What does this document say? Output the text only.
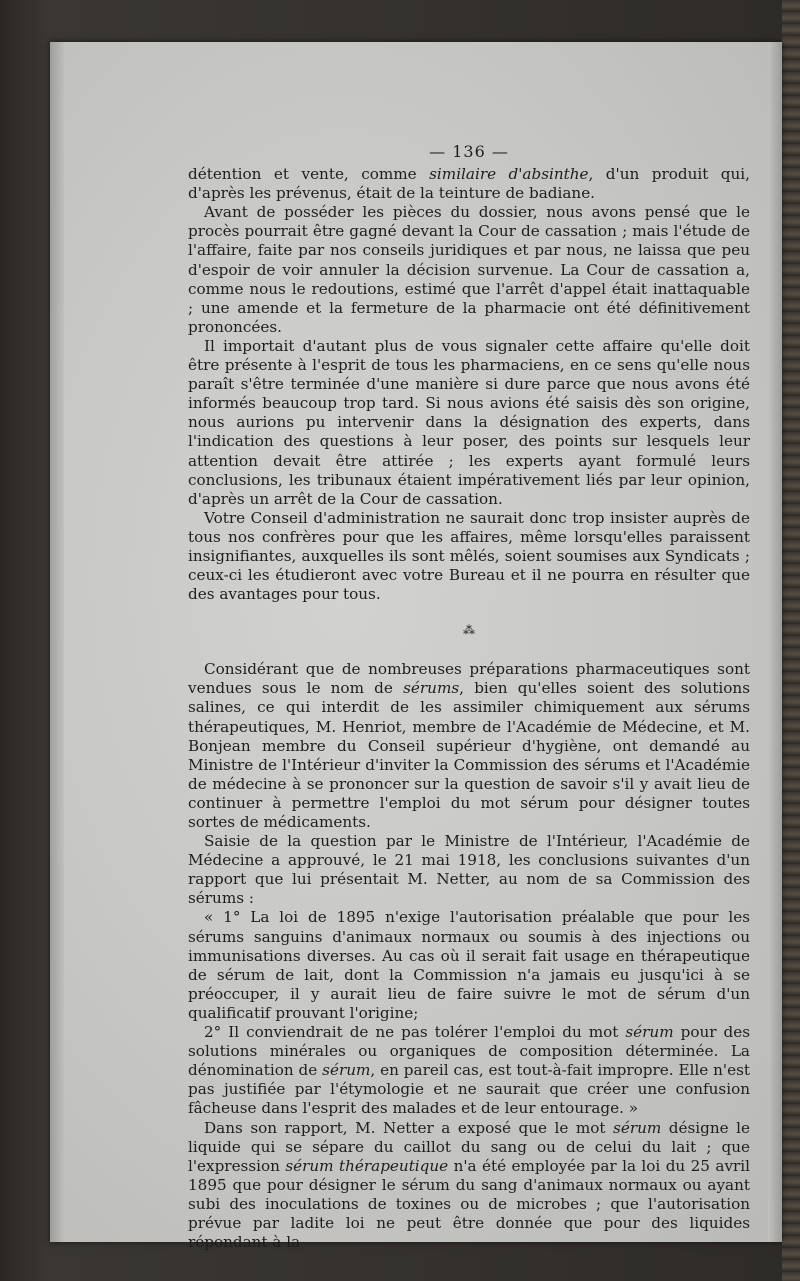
— 136 —

détention et vente, comme similaire d'absinthe, d'un produit qui, d'après les prévenus, était de la teinture de badiane.

Avant de posséder les pièces du dossier, nous avons pensé que le procès pourrait être gagné devant la Cour de cassation ; mais l'étude de l'affaire, faite par nos conseils juridiques et par nous, ne laissa que peu d'espoir de voir annuler la décision survenue. La Cour de cassation a, comme nous le redoutions, estimé que l'arrêt d'appel était inattaquable ; une amende et la fermeture de la pharmacie ont été définitivement prononcées.

Il importait d'autant plus de vous signaler cette affaire qu'elle doit être présente à l'esprit de tous les pharmaciens, en ce sens qu'elle nous paraît s'être terminée d'une manière si dure parce que nous avons été informés beaucoup trop tard. Si nous avions été saisis dès son origine, nous aurions pu intervenir dans la désignation des experts, dans l'indication des questions à leur poser, des points sur lesquels leur attention devait être attirée ; les experts ayant formulé leurs conclusions, les tribunaux étaient impérativement liés par leur opinion, d'après un arrêt de la Cour de cassation.

Votre Conseil d'administration ne saurait donc trop insister auprès de tous nos confrères pour que les affaires, même lorsqu'elles paraissent insignifiantes, auxquelles ils sont mêlés, soient soumises aux Syndicats ; ceux-ci les étudieront avec votre Bureau et il ne pourra en résulter que des avantages pour tous.

⁂

Considérant que de nombreuses préparations pharmaceutiques sont vendues sous le nom de sérums, bien qu'elles soient des solutions salines, ce qui interdit de les assimiler chimiquement aux sérums thérapeutiques, M. Henriot, membre de l'Académie de Médecine, et M. Bonjean membre du Conseil supérieur d'hygiène, ont demandé au Ministre de l'Intérieur d'inviter la Commission des sérums et l'Académie de médecine à se prononcer sur la question de savoir s'il y avait lieu de continuer à permettre l'emploi du mot sérum pour désigner toutes sortes de médicaments.

Saisie de la question par le Ministre de l'Intérieur, l'Académie de Médecine a approuvé, le 21 mai 1918, les conclusions suivantes d'un rapport que lui présentait M. Netter, au nom de sa Commission des sérums :

« 1° La loi de 1895 n'exige l'autorisation préalable que pour les sérums sanguins d'animaux normaux ou soumis à des injections ou immunisations diverses. Au cas où il serait fait usage en thérapeutique de sérum de lait, dont la Commission n'a jamais eu jusqu'ici à se préoccuper, il y aurait lieu de faire suivre le mot de sérum d'un qualificatif prouvant l'origine;

2° Il conviendrait de ne pas tolérer l'emploi du mot sérum pour des solutions minérales ou organiques de composition déterminée. La dénomination de sérum, en pareil cas, est tout-à-fait impropre. Elle n'est pas justifiée par l'étymologie et ne saurait que créer une confusion fâcheuse dans l'esprit des malades et de leur entourage. »

Dans son rapport, M. Netter a exposé que le mot sérum désigne le liquide qui se sépare du caillot du sang ou de celui du lait ; que l'expression sérum thérapeutique n'a été employée par la loi du 25 avril 1895 que pour désigner le sérum du sang d'animaux normaux ou ayant subi des inoculations de toxines ou de microbes ; que l'autorisation prévue par ladite loi ne peut être donnée que pour des liquides répondant à la
